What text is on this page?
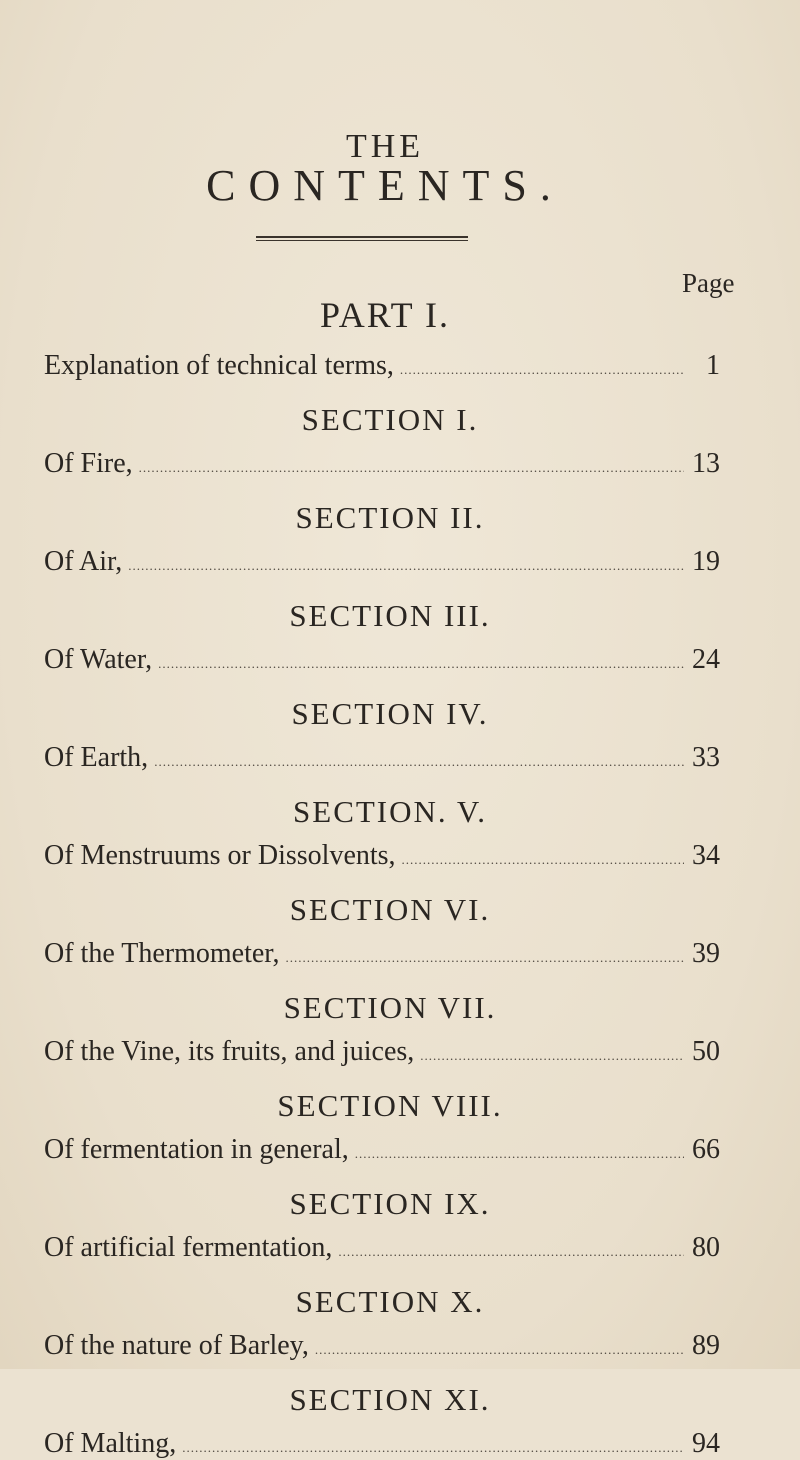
THE
CONTENTS.
Page
PART I.
Explanation of technical terms, .....	1
SECTION I.
Of Fire, .....	13
SECTION II.
Of Air, .....	19
SECTION III.
Of Water, .....	24
SECTION IV.
Of Earth, .....	33
SECTION. V.
Of Menstruums or Dissolvents, .....	34
SECTION VI.
Of the Thermometer, .....	39
SECTION VII.
Of the Vine, its fruits, and juices, .....	50
SECTION VIII.
Of fermentation in general, .....	66
SECTION IX.
Of artificial fermentation, .....	80
SECTION X.
Of the nature of Barley, .....	89
SECTION XI.
Of Malting, .....	94
